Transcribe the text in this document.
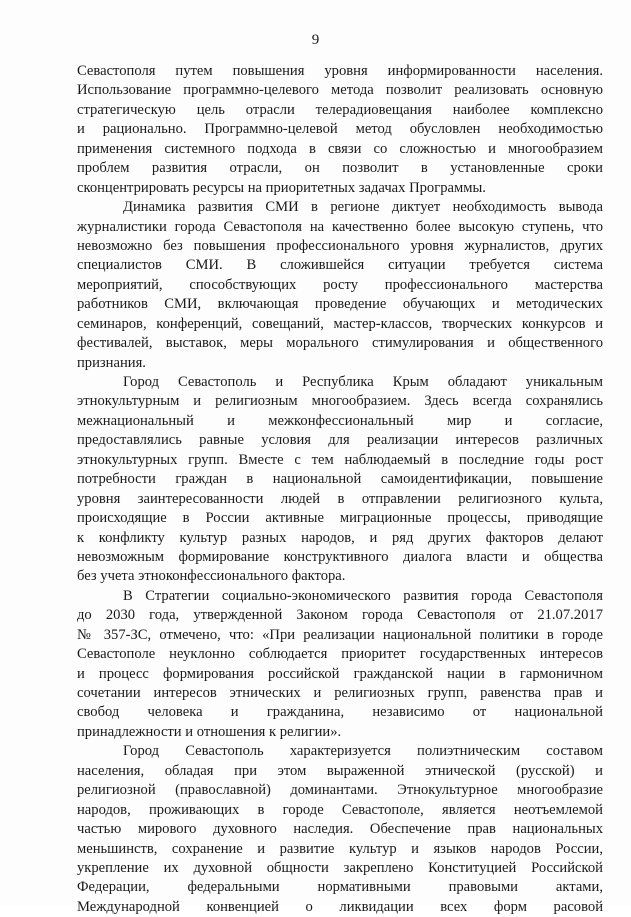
9
Севастополя путем повышения уровня информированности населения.
Использование программно-целевого метода позволит реализовать основную
стратегическую цель отрасли телерадиовещания наиболее комплексно
и рационально. Программно-целевой метод обусловлен необходимостью
применения системного подхода в связи со сложностью и многообразием
проблем развития отрасли, он позволит в установленные сроки
сконцентрировать ресурсы на приоритетных задачах Программы.
Динамика развития СМИ в регионе диктует необходимость вывода
журналистики города Севастополя на качественно более высокую ступень, что
невозможно без повышения профессионального уровня журналистов, других
специалистов СМИ. В сложившейся ситуации требуется система
мероприятий, способствующих росту профессионального мастерства
работников СМИ, включающая проведение обучающих и методических
семинаров, конференций, совещаний, мастер-классов, творческих конкурсов и
фестивалей, выставок, меры морального стимулирования и общественного
признания.
Город Севастополь и Республика Крым обладают уникальным
этнокультурным и религиозным многообразием. Здесь всегда сохранялись
межнациональный и межконфессиональный мир и согласие,
предоставлялись равные условия для реализации интересов различных
этнокультурных групп. Вместе с тем наблюдаемый в последние годы рост
потребности граждан в национальной самоидентификации, повышение
уровня заинтересованности людей в отправлении религиозного культа,
происходящие в России активные миграционные процессы, приводящие
к конфликту культур разных народов, и ряд других факторов делают
невозможным формирование конструктивного диалога власти и общества
без учета этноконфессионального фактора.
В Стратегии социально-экономического развития города Севастополя
до 2030 года, утвержденной Законом города Севастополя от 21.07.2017
№ 357-ЗС, отмечено, что: «При реализации национальной политики в городе
Севастополе неуклонно соблюдается приоритет государственных интересов
и процесс формирования российской гражданской нации в гармоничном
сочетании интересов этнических и религиозных групп, равенства прав и
свобод человека и гражданина, независимо от национальной
принадлежности и отношения к религии».
Город Севастополь характеризуется полиэтническим составом
населения, обладая при этом выраженной этнической (русской) и
религиозной (православной) доминантами. Этнокультурное многообразие
народов, проживающих в городе Севастополе, является неотъемлемой
частью мирового духовного наследия. Обеспечение прав национальных
меньшинств, сохранение и развитие культур и языков народов России,
укрепление их духовной общности закреплено Конституцией Российской
Федерации, федеральными нормативными правовыми актами,
Международной конвенцией о ликвидации всех форм расовой
